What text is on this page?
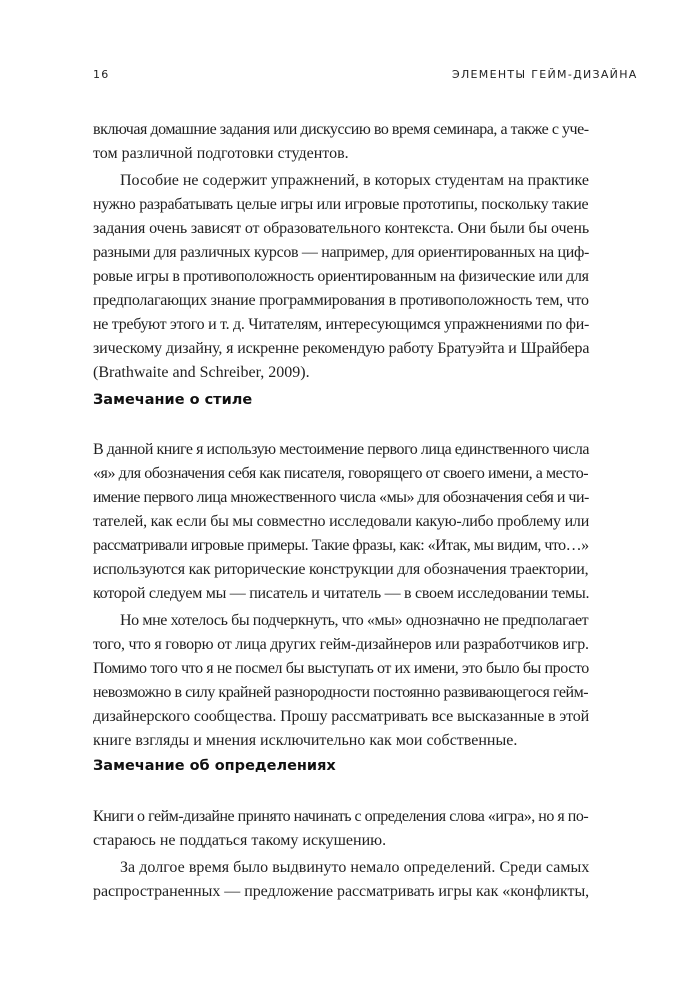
16	ЭЛЕМЕНТЫ ГЕЙМ-ДИЗАЙНА
включая домашние задания или дискуссию во время семинара, а также с уче-
том различной подготовки студентов.
Пособие не содержит упражнений, в которых студентам на практике
нужно разрабатывать целые игры или игровые прототипы, поскольку такие
задания очень зависят от образовательного контекста. Они были бы очень
разными для различных курсов — например, для ориентированных на циф-
ровые игры в противоположность ориентированным на физические или для
предполагающих знание программирования в противоположность тем, что
не требуют этого и т. д. Читателям, интересующимся упражнениями по фи-
зическому дизайну, я искренне рекомендую работу Братуэйта и Шрайбера
(Brathwaite and Schreiber, 2009).
Замечание о стиле
В данной книге я использую местоимение первого лица единственного числа
«я» для обозначения себя как писателя, говорящего от своего имени, а место-
имение первого лица множественного числа «мы» для обозначения себя и чи-
тателей, как если бы мы совместно исследовали какую-либо проблему или
рассматривали игровые примеры. Такие фразы, как: «Итак, мы видим, что…»
используются как риторические конструкции для обозначения траектории,
которой следуем мы — писатель и читатель — в своем исследовании темы.
Но мне хотелось бы подчеркнуть, что «мы» однозначно не предполагает
того, что я говорю от лица других гейм-дизайнеров или разработчиков игр.
Помимо того что я не посмел бы выступать от их имени, это было бы просто
невозможно в силу крайней разнородности постоянно развивающегося гейм-
дизайнерского сообщества. Прошу рассматривать все высказанные в этой
книге взгляды и мнения исключительно как мои собственные.
Замечание об определениях
Книги о гейм-дизайне принято начинать с определения слова «игра», но я по-
стараюсь не поддаться такому искушению.
За долгое время было выдвинуто немало определений. Среди самых
распространенных — предложение рассматривать игры как «конфликты,
